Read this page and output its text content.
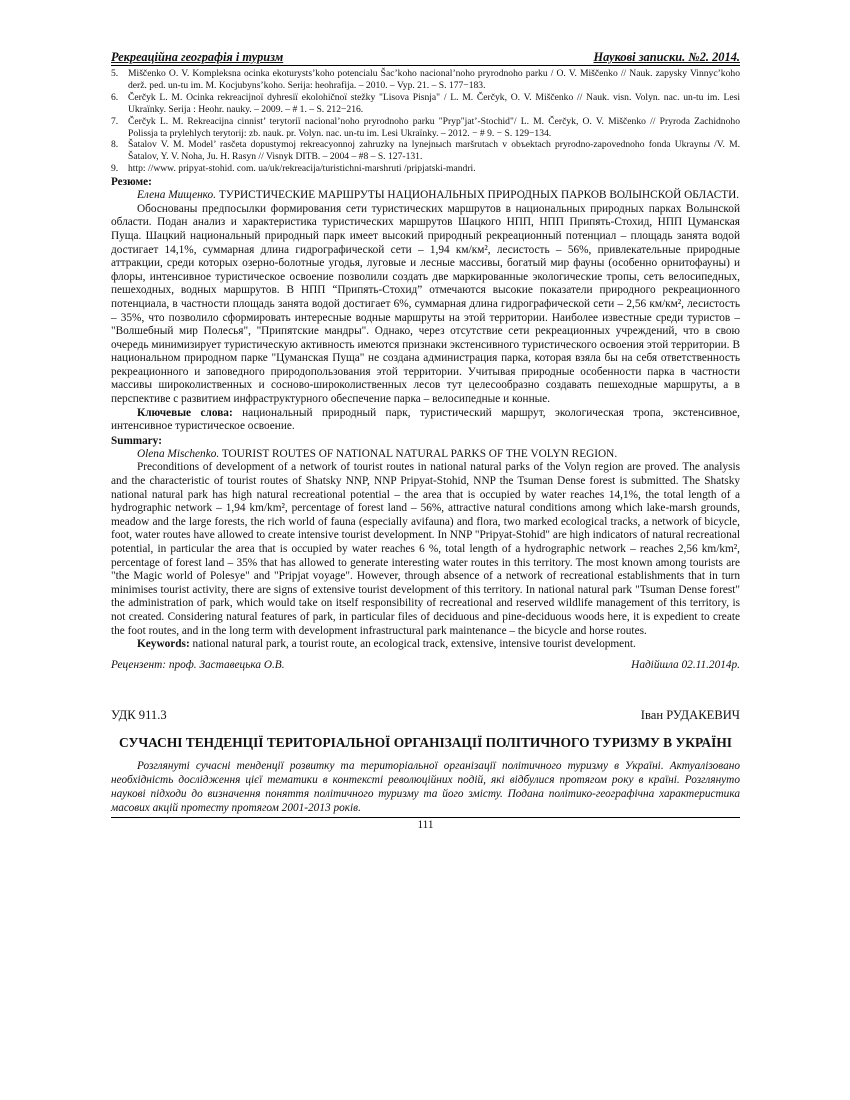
Рекреаційна географія і туризм	Наукові записки. №2. 2014.
5.	Miščenko O. V. Kompleksna ocinka ekoturysts’koho potencialu Šac’koho nacional’noho pryrodnoho parku / O. V. Miščenko // Nauk. zapysky Vinnyc’koho derž. ped. un-tu im. M. Kocjubyns’koho. Serija: heohrafija. – 2010. – Vyp. 21. – S. 177−183.
6.	Čerčyk L. M. Ocinka rekreacijnoï dyhresiï ekolohičnoï stežky "Lisova Pisnja" / L. M. Čerčyk, O. V. Miščenko // Nauk. visn. Volyn. nac. un-tu im. Lesi Ukraïnky. Serija : Heohr. nauky. – 2009. – # 1. – S. 212−216.
7.	Čerčyk L. M. Rekreacijna cinnist’ terytoriï nacional’noho pryrodnoho parku "Pryp"jat’-Stochid"/ L. M. Čerčyk, O. V. Miščenko // Pryroda Zachidnoho Polissja ta prylehlych terytorij: zb. nauk. pr. Volyn. nac. un-tu im. Lesi Ukraïnky. – 2012. − # 9. − S. 129−134.
8.	Šatalov V. M. Model’ rasčeta dopustymoj rekreacyonnoj zahruzky na lynejnыch maršrutach v obъektach pryrodno-zapovednoho fonda Ukraynы /V. M. Šatalov, Y. V. Noha, Ju. H. Rasyn // Visnyk DITB. – 2004 – #8 – S. 127-131.
9.	http: //www. pripyat-stohid. com. ua/uk/rekreacija/turistichni-marshruti /pripjatski-mandri.
Резюме:

Елена Мищенко. ТУРИСТИЧЕСКИЕ МАРШРУТЫ НАЦИОНАЛЬНЫХ ПРИРОДНЫХ ПАРКОВ ВОЛЫНСКОЙ ОБЛАСТИ.

Обоснованы предпосылки формирования сети туристических маршрутов в национальных природных парках Волынской области. Подан анализ и характеристика туристических маршрутов Шацкого НПП, НПП Припять-Стохид, НПП Цуманская Пуща. Шацкий национальный природный парк имеет высокий природный рекреационный потенциал – площадь занята водой достигает 14,1%, суммарная длина гидрографической сети – 1,94 км/км², лесистость – 56%, привлекательные природные аттракции, среди которых озерно-болотные угодья, луговые и лесные массивы, богатый мир фауны (особенно орнитофауны) и флоры, интенсивное туристическое освоение позволили создать две маркированные экологические тропы, сеть велосипедных, пешеходных, водных маршрутов. В НПП “Припять-Стохид” отмечаются высокие показатели природного рекреационного потенциала, в частности площадь занята водой достигает 6%, суммарная длина гидрографической сети – 2,56 км/км², лесистость – 35%, что позволило сформировать интересные водные маршруты на этой территории. Наиболее известные среди туристов – "Волшебный мир Полесья", "Припятские мандры". Однако, через отсутствие сети рекреационных учреждений, что в свою очередь минимизирует туристическую активность имеются признаки экстенсивного туристического освоения этой территории. В национальном природном парке "Цуманская Пуща" не создана администрация парка, которая взяла бы на себя ответственность рекреационного и заповедного природопользования этой территории. Учитывая природные особенности парка в частности массивы широколиственных и сосново-широколиственных лесов тут целесообразно создавать пешеходные маршруты, а в перспективе с развитием инфраструктурного обеспечение парка – велосипедные и конные.

Ключевые слова: национальный природный парк, туристический маршрут, экологическая тропа, экстенсивное, интенсивное туристическое освоение.

Summary:

Olena Mischenko. TOURIST ROUTES OF NATIONAL NATURAL PARKS OF THE VOLYN REGION.

Preconditions of development of a network of tourist routes in national natural parks of the Volyn region are proved. The analysis and the characteristic of tourist routes of Shatsky NNP, NNP Pripyat-Stohid, NNP the Tsuman Dense forest is submitted. The Shatsky national natural park has high natural recreational potential – the area that is occupied by water reaches 14,1%, the total length of a hydrographic network – 1,94 km/km², percentage of forest land – 56%, attractive natural conditions among which lake-marsh grounds, meadow and the large forests, the rich world of fauna (especially avifauna) and flora, two marked ecological tracks, a network of bicycle, foot, water routes have allowed to create intensive tourist development. In NNP "Pripyat-Stohid" are high indicators of natural recreational potential, in particular the area that is occupied by water reaches 6 %, total length of a hydrographic network – reaches 2,56 km/km², percentage of forest land – 35% that has allowed to generate interesting water routes in this territory. The most known among tourists are "the Magic world of Polesye" and "Pripjat voyage". However, through absence of a network of recreational establishments that in turn minimises tourist activity, there are signs of extensive tourist development of this territory. In national natural park "Tsuman Dense forest" the administration of park, which would take on itself responsibility of recreational and reserved wildlife management of this territory, is not created. Considering natural features of park, in particular files of deciduous and pine-deciduous woods here, it is expedient to create the foot routes, and in the long term with development infrastructural park maintenance – the bicycle and horse routes.

Keywords: national natural park, a tourist route, an ecological track, extensive, intensive tourist development.

Рецензент: проф. Заставецька О.В.	Надійшла 02.11.2014р.
УДК 911.3	Іван РУДАКЕВИЧ
СУЧАСНІ ТЕНДЕНЦІЇ ТЕРИТОРІАЛЬНОЇ ОРГАНІЗАЦІЇ ПОЛІТИЧНОГО ТУРИЗМУ В УКРАЇНІ

Розглянуті сучасні тенденції розвитку та територіальної організації політичного туризму в Україні. Актуалізовано необхідність дослідження цієї тематики в контексті революційних подій, які відбулися протягом року в країні. Розглянуто наукові підходи до визначення поняття політичного туризму та його змісту. Подана політико-географічна характеристика масових акцій протесту протягом 2001-2013 років.

111
